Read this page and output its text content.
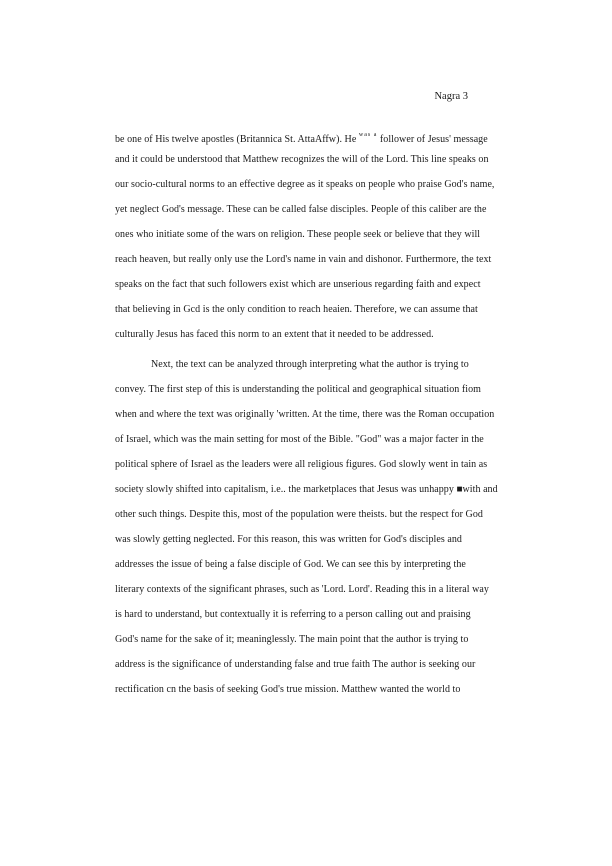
Nagra 3
be one of His twelve apostles (Britannica St. AttaAffw). He $^{was a}$ follower of Jesus' message
and it could be understood that Matthew recognizes the will of the Lord. This line speaks on
our socio-cultural norms to an effective degree as it speaks on people who praise God's name,
yet neglect God's message. These can be called false disciples. People of this caliber are the
ones who initiate some of the wars on religion. These people seek or believe that they will
reach heaven, but really only use the Lord's name in vain and dishonor. Furthermore, the text
speaks on the fact that such followers exist which are unserious regarding faith and expect
that believing in Gcd is the only condition to reach heaien. Therefore, we can assume that
culturally Jesus has faced this norm to an extent that it needed to be addressed.
Next, the text can be analyzed through interpreting what the author is trying to
convey. The first step of this is understanding the political and geographical situation fiom
when and where the text was originally 'written. At the time, there was the Roman occupation
of Israel, which was the main setting for most of the Bible. "God" was a major facter in the
political sphere of Israel as the leaders were all religious figures. God slowly went in tain as
society slowly shifted into capitalism, i.e.. the marketplaces that Jesus was unhappy ■with and
other such things. Despite this, most of the population were theists. but the respect for God
was slowly getting neglected. For this reason, this was written for God's disciples and
addresses the issue of being a false disciple of God. We can see this by interpreting the
literary contexts of the significant phrases, such as 'Lord. Lord'. Reading this in a literal way
is hard to understand, but contextually it is referring to a person calling out and praising
God's name for the sake of it; meaninglessly. The main point that the author is trying to
address is the significance of understanding false and true faith The author is seeking our
rectification cn the basis of seeking God's true mission. Matthew wanted the world to
